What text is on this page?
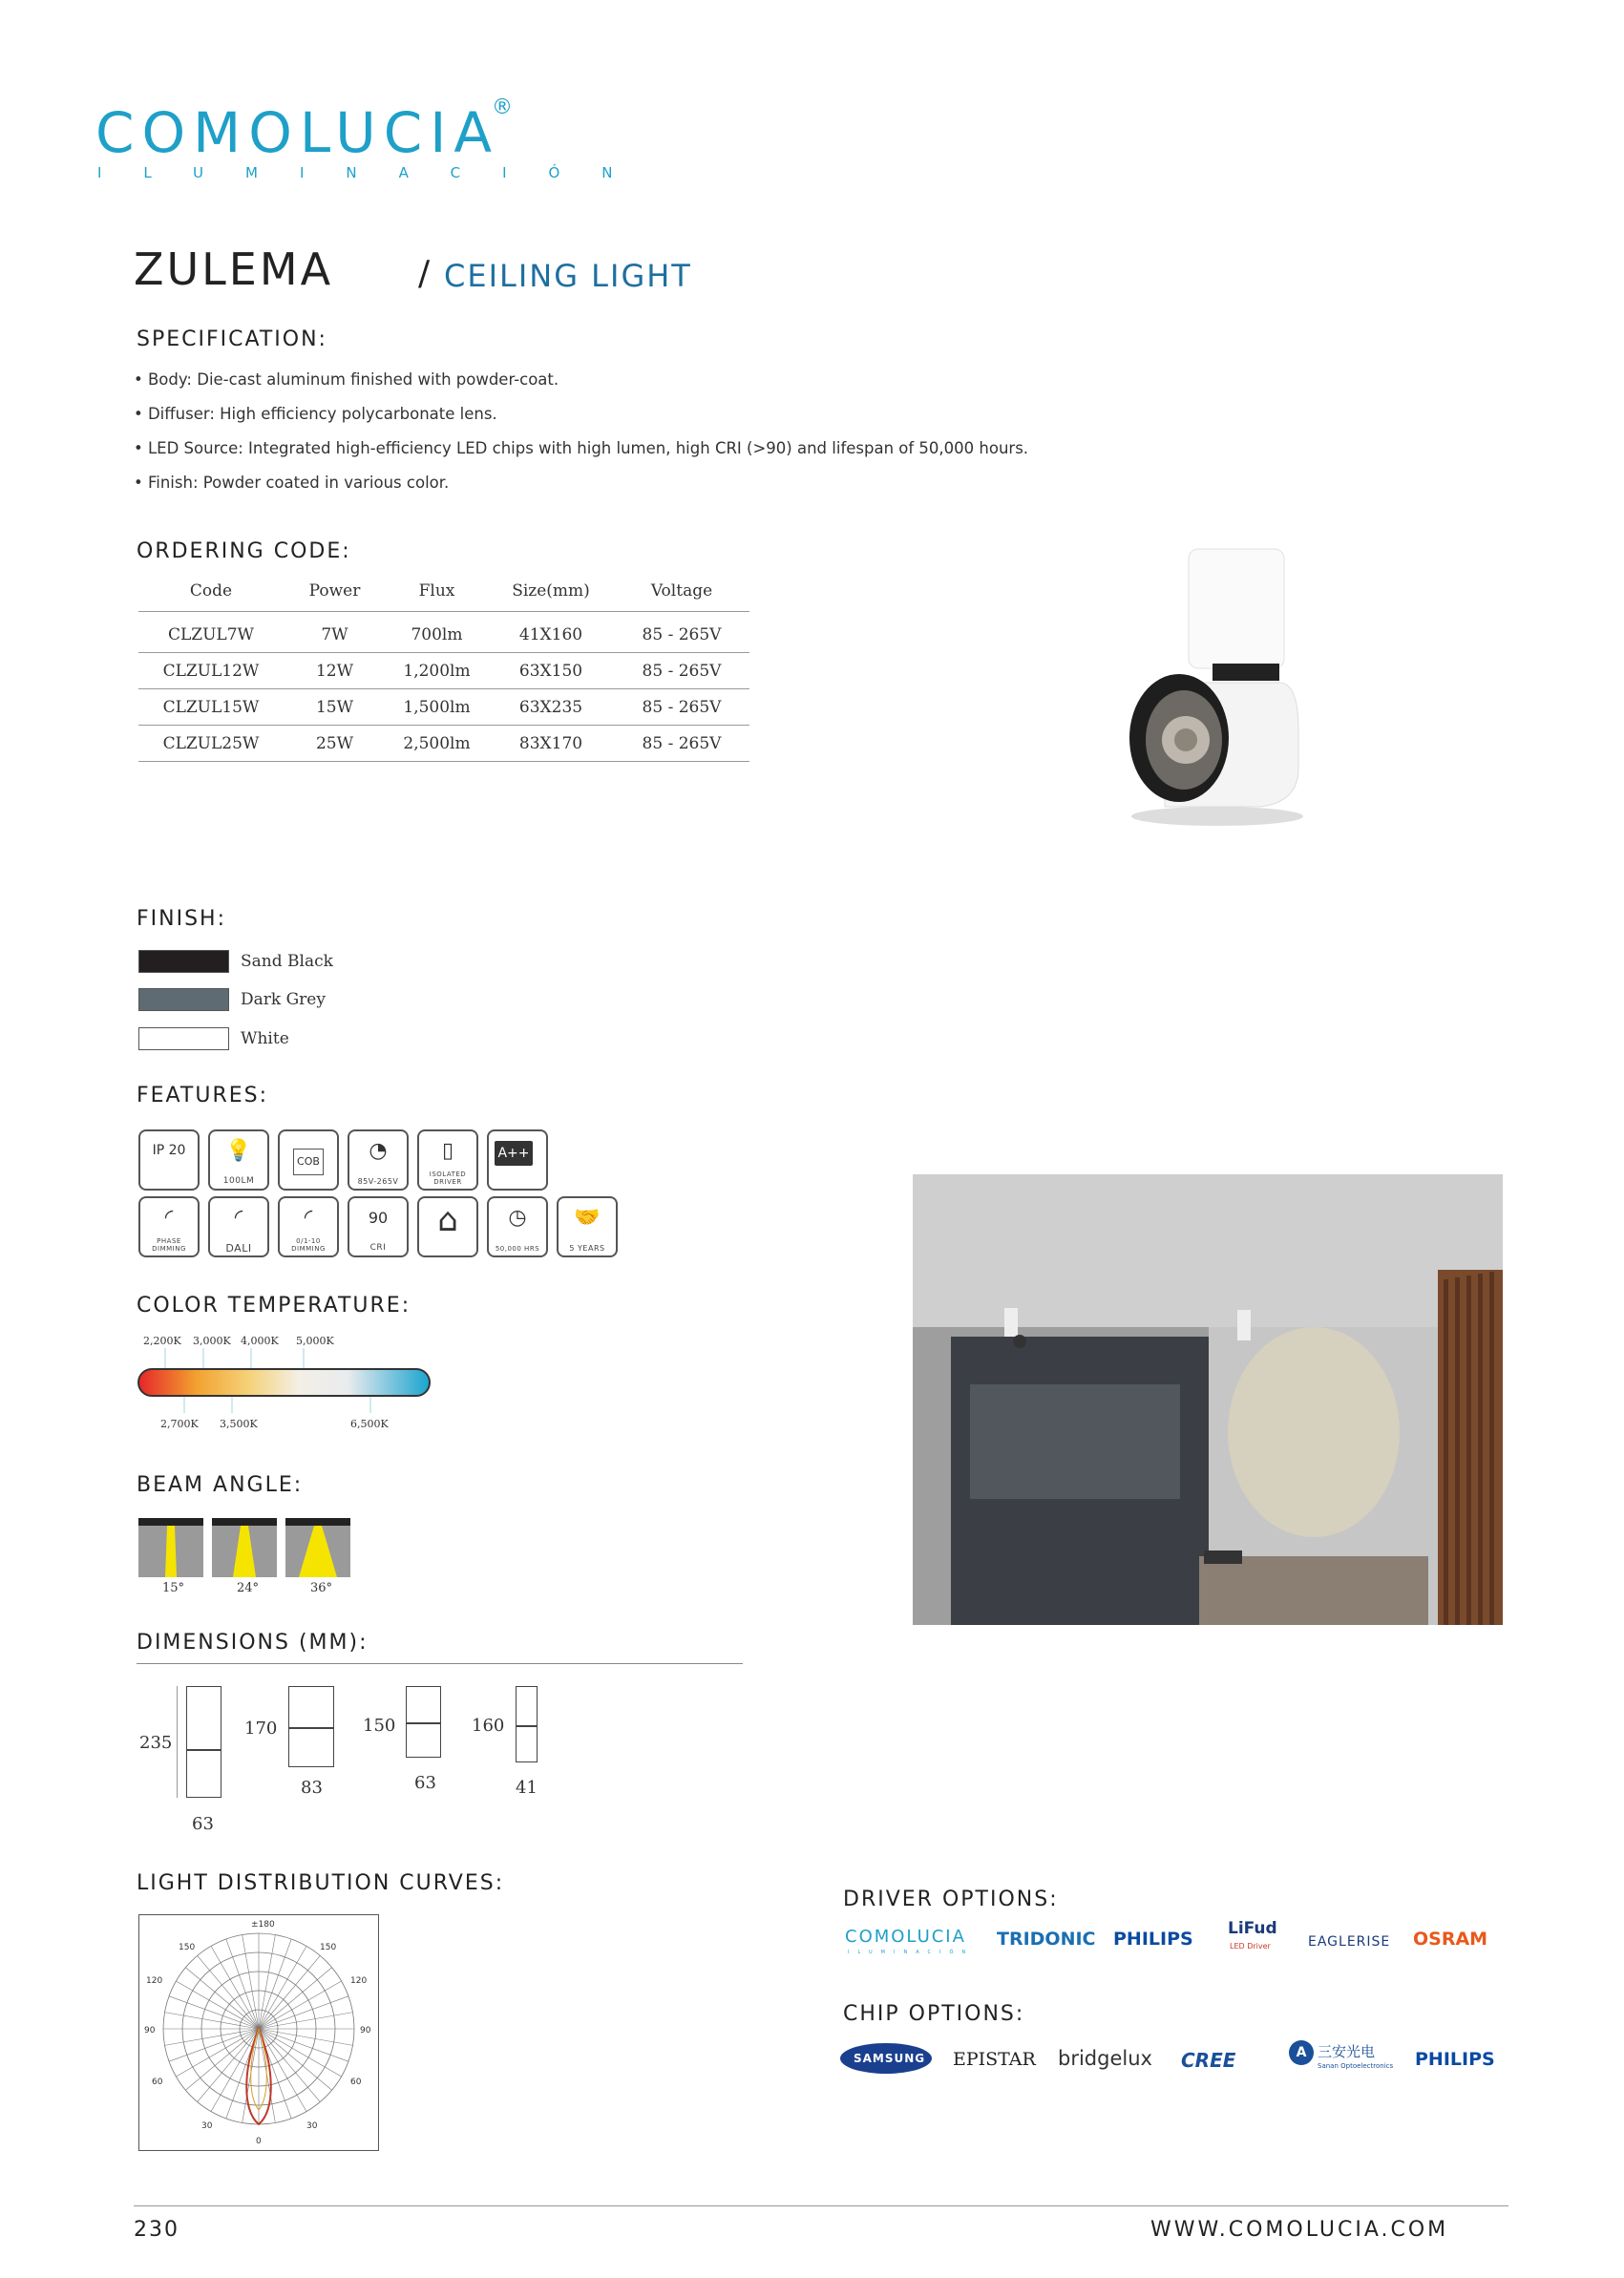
COMOLUCIA
®
ILUMINACIÓN
ZULEMA / CEILING LIGHT
SPECIFICATION:
• Body: Die-cast aluminum finished with powder-coat.
• Diffuser: High efficiency polycarbonate lens.
• LED Source: Integrated high-efficiency LED chips with high lumen, high CRI (>90) and lifespan of 50,000 hours.
• Finish: Powder coated in various color.
ORDERING CODE:
Code	Power	Flux	Size(mm)	Voltage
CLZUL7W	7W	700lm	41X160	85 - 265V
CLZUL12W	12W	1,200lm	63X150	85 - 265V
CLZUL15W	15W	1,500lm	63X235	85 - 265V
CLZUL25W	25W	2,500lm	83X170	85 - 265V
FINISH:
Sand Black
Dark Grey
White
FEATURES:
IP 20	💡
100LM
COB	◔
85V-265V
▯
ISOLATED DRIVER
A++
◜
PHASE DIMMING
◜
DALI
◜
0/1-10 DIMMING
90
CRI
⌂	◷
50,000 HRS
🤝
5 YEARS
COLOR TEMPERATURE:
2,200K 3,000K 4,000K 5,000K
2,700K 3,500K	6,500K
BEAM ANGLE:
15°	24°	36°
DIMENSIONS (MM):
235
63
170
83
150
63
160
41
LIGHT DISTRIBUTION CURVES:
±180
150	150
120	120
90	90
60	60
30	30
0
DRIVER OPTIONS:
COMOLUCIA
ILUMINACIÓN
TRIDONIC PHILIPS LiFud
LED Driver	EAGLERISE OSRAM
CHIP OPTIONS:
SAMSUNG EPISTAR bridgelux CREE	A 三安光电
Sanan Optoelectronics PHILIPS
230	WWW.COMOLUCIA.COM
